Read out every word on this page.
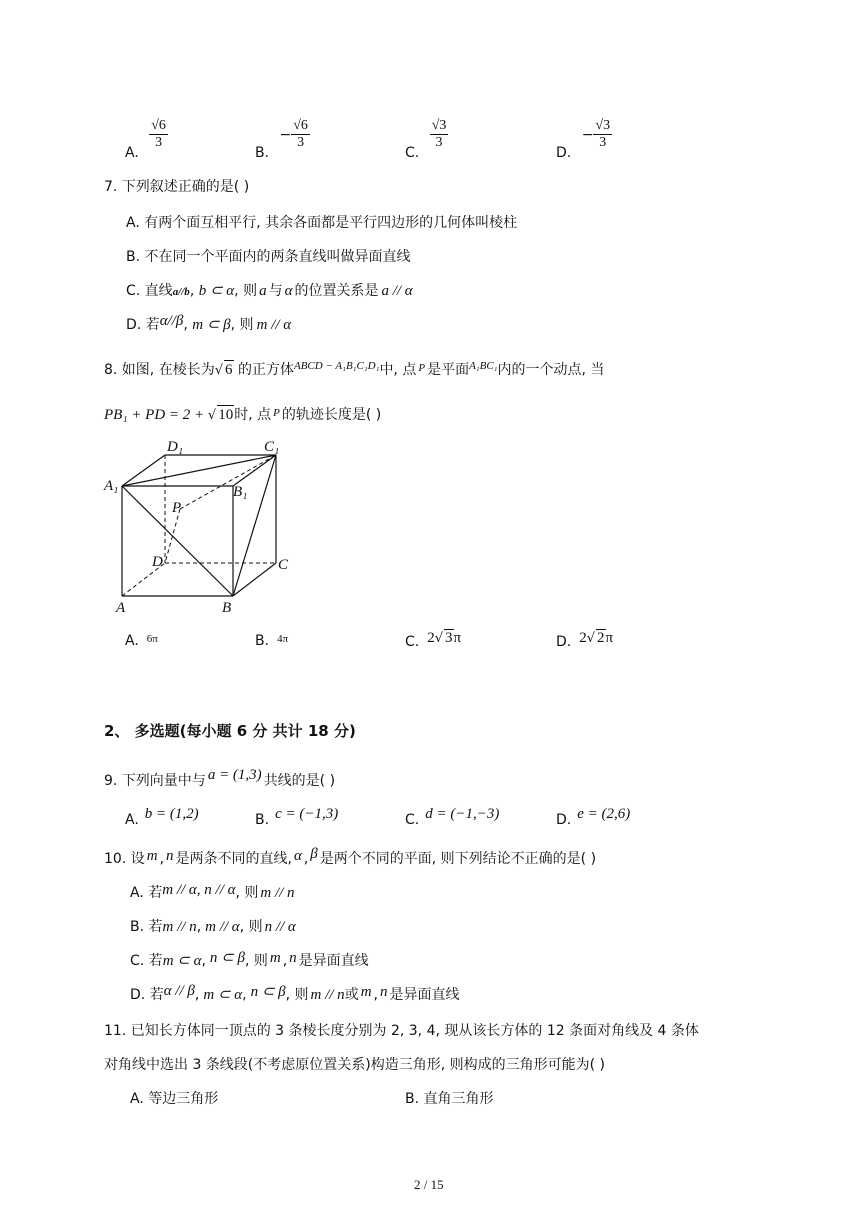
A.
$\frac{√6}{3}$
B. − $\frac{√6}{3}$
C.
$\frac{√3}{3}$
D. − $\frac{√3}{3}$
7. 下列叙述正确的是( )
A. 有两个面互相平行, 其余各面都是平行四边形的几何体叫棱柱
B. 不在同一个平面内的两条直线叫做异面直线
C. 直线a//b, b ⊂ α, 则 a 与 α 的位置关系是 a // α
D. 若α//β, m ⊂ β, 则 m // α
8. 如图, 在棱长为√ 6 的正方体$^{ABCD - A_1B_1C_1D_1}$中, 点 $^P$ 是平面$^{A_1BC_1}$内的一个动点, 当
PB₁ + PD = 2 + √ 10时, 点 $^P$ 的轨迹长度是( )
D₁	C₁
A₁	B₁
P
D	C
A	B
A. $^{6\pi}$	B. $^{4\pi}$	C. 2√ 3π	D. 2√ 2π
2、 多选题(每小题 6 分 共计 18 分)
9. 下列向量中与 a = (1,3) 共线的是( )
A. b = (1,2)	B. c = (−1,3)	C. d = (−1,−3)	D. e = (2,6)
10. 设 m , n 是两条不同的直线, α , β 是两个不同的平面, 则下列结论不正确的是( )
A. 若m // α, n // α, 则 m // n
B. 若m // n, m // α, 则 n // α
C. 若m ⊂ α, n ⊂ β, 则 m , n 是异面直线
D. 若α // β, m ⊂ α, n ⊂ β, 则 m // n或 m , n 是异面直线
11. 已知长方体同一顶点的 3 条棱长度分别为 2, 3, 4, 现从该长方体的 12 条面对角线及 4 条体
对角线中选出 3 条线段(不考虑原位置关系)构造三角形, 则构成的三角形可能为( )
A. 等边三角形	B. 直角三角形
2 / 15
